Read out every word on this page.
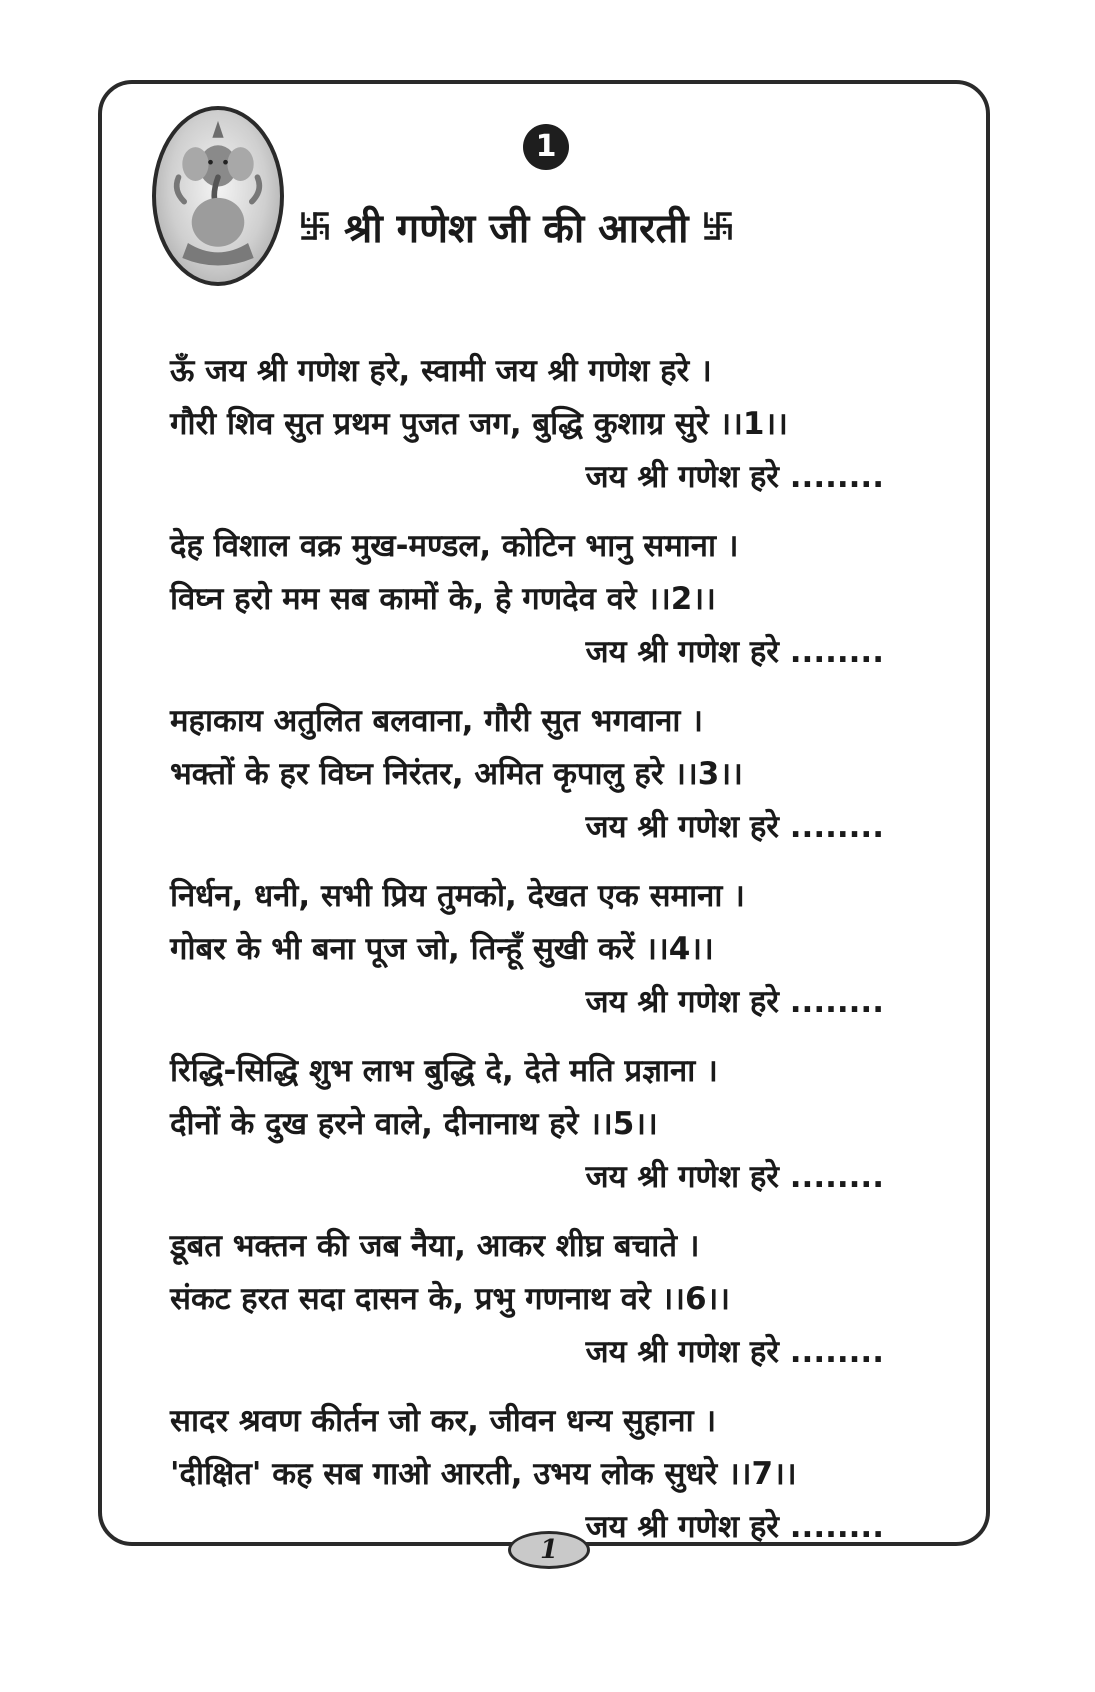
1
श्री गणेश जी की आरती
ऊँ जय श्री गणेश हरे, स्वामी जय श्री गणेश हरे ।
गौरी शिव सुत प्रथम पुजत जग, बुद्धि कुशाग्र सुरे ।।1।।
जय श्री गणेश हरे ........
देह विशाल वक्र मुख-मण्डल, कोटिन भानु समाना ।
विघ्न हरो मम सब कामों के, हे गणदेव वरे ।।2।।
जय श्री गणेश हरे ........
महाकाय अतुलित बलवाना, गौरी सुत भगवाना ।
भक्तों के हर विघ्न निरंतर, अमित कृपालु हरे ।।3।।
जय श्री गणेश हरे ........
निर्धन, धनी, सभी प्रिय तुमको, देखत एक समाना ।
गोबर के भी बना पूज जो, तिन्हूँ सुखी करें ।।4।।
जय श्री गणेश हरे ........
रिद्धि-सिद्धि शुभ लाभ बुद्धि दे, देते मति प्रज्ञाना ।
दीनों के दुख हरने वाले, दीनानाथ हरे ।।5।।
जय श्री गणेश हरे ........
डूबत भक्तन की जब नैया, आकर शीघ्र बचाते ।
संकट हरत सदा दासन के, प्रभु गणनाथ वरे ।।6।।
जय श्री गणेश हरे ........
सादर श्रवण कीर्तन जो कर, जीवन धन्य सुहाना ।
'दीक्षित' कह सब गाओ आरती, उभय लोक सुधरे ।।7।।
जय श्री गणेश हरे ........
1
